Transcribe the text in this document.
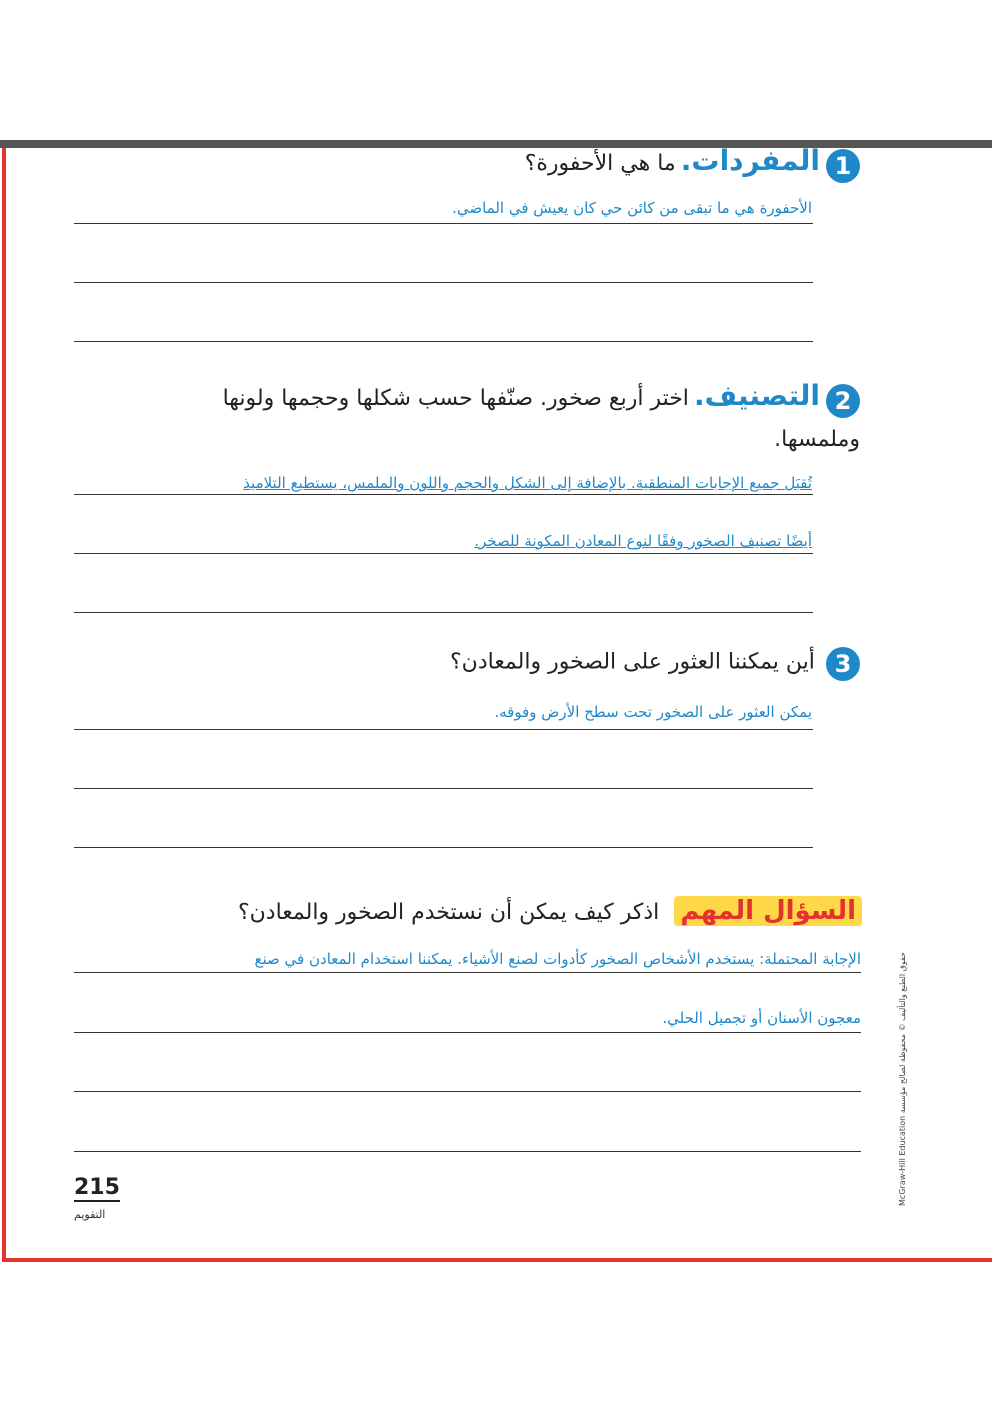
1المفردات. ما هي الأحفورة؟
الأحفورة هي ما تبقى من كائن حي كان يعيش في الماضي.
2التصنيف. اختر أربع صخور. صنّفها حسب شكلها وحجمها ولونها وملمسها.
تُقبَل جميع الإجابات المنطقية. بالإضافة إلى الشكل والحجم واللون والملمس، يستطيع التلاميذ
أيضًا تصنيف الصخور وفقًا لنوع المعادن المكونة للصخر.
3 أين يمكننا العثور على الصخور والمعادن؟
يمكن العثور على الصخور تحت سطح الأرض وفوقه.
السؤال المهم اذكر كيف يمكن أن نستخدم الصخور والمعادن؟
الإجابة المحتملة: يستخدم الأشخاص الصخور كأدوات لصنع الأشياء. يمكننا استخدام المعادن في صنع
معجون الأسنان أو تجميل الحلي.
215
التقويم
حقوق الطبع والتأليف © محفوظة لصالح مؤسسة McGraw-Hill Education
